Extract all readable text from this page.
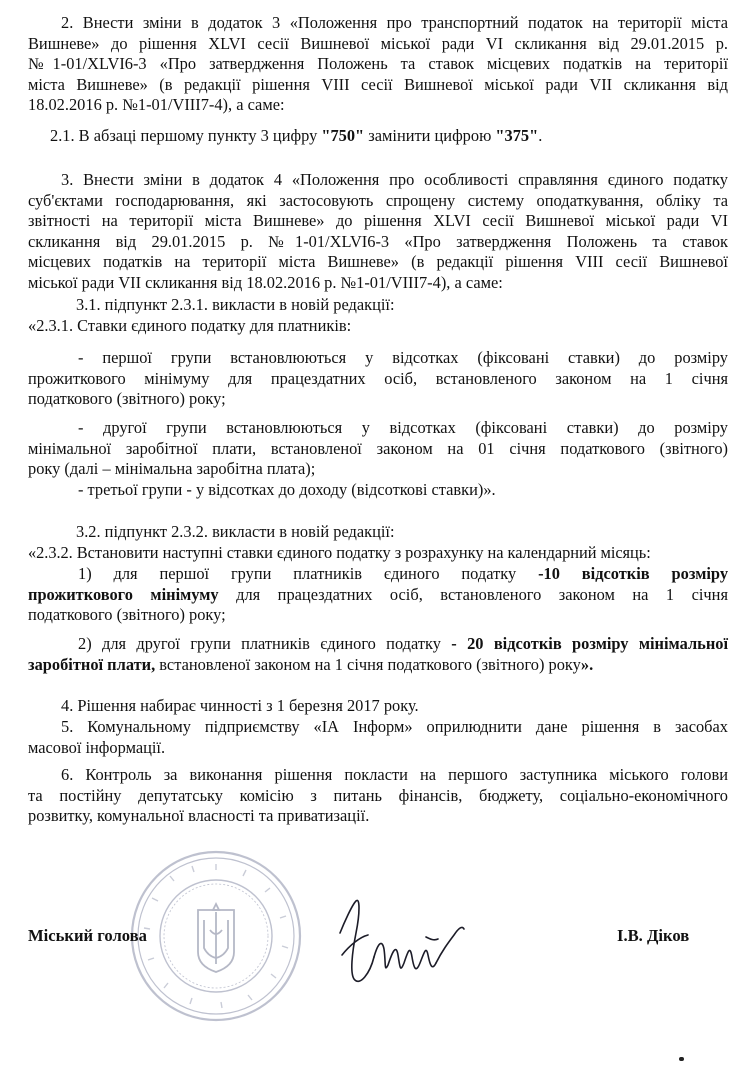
2. Внести зміни в додаток 3 «Положення про транспортний податок на території міста
Вишневе» до рішення XLVI сесії Вишневої міської ради VI скликання від 29.01.2015 р.
№1-01/XLVI6-3 «Про затвердження Положень та ставок місцевих податків на території
міста Вишневе» (в редакції рішення VIII сесії Вишневої міської ради VII скликання від
18.02.2016 р. №1-01/VIII7-4), а саме:
2.1. В абзаці першому пункту 3 цифру "750" замінити цифрою "375".
3. Внести зміни в додаток 4 «Положення про особливості справляння єдиного податку
суб'єктами господарювання, які застосовують спрощену систему оподаткування, обліку та
звітності на території міста Вишневе» до рішення XLVI сесії Вишневої міської ради VI
скликання від 29.01.2015 р. №1-01/XLVI6-3 «Про затвердження Положень та ставок
місцевих податків на території міста Вишневе» (в редакції рішення VIII сесії Вишневої
міської ради VII скликання від 18.02.2016 р. №1-01/VIII7-4), а саме:
3.1. підпункт 2.3.1. викласти в новій редакції:
«2.3.1. Ставки єдиного податку для платників:
- першої групи встановлюються у відсотках (фіксовані ставки) до розміру
прожиткового мінімуму для працездатних осіб, встановленого законом на 1 січня
податкового (звітного) року;
- другої групи встановлюються у відсотках (фіксовані ставки) до розміру
мінімальної заробітної плати, встановленої законом на 01 січня податкового (звітного)
року (далі – мінімальна заробітна плата);
- третьої групи - у відсотках до доходу (відсоткові ставки)».
3.2. підпункт 2.3.2. викласти в новій редакції:
«2.3.2. Встановити наступні ставки єдиного податку з розрахунку на календарний місяць:
1) для першої групи платників єдиного податку -10 відсотків розміру
прожиткового мінімуму для працездатних осіб, встановленого законом на 1 січня
податкового (звітного) року;
2) для другої групи платників єдиного податку - 20 відсотків розміру мінімальної
заробітної плати, встановленої законом на 1 січня податкового (звітного) року».
4. Рішення набирає чинності з 1 березня 2017 року.
5. Комунальному підприємству «ІА Інформ» оприлюднити дане рішення в засобах
масової інформації.
6. Контроль за виконання рішення покласти на першого заступника міського голови
та постійну депутатську комісію з питань фінансів, бюджету, соціально-економічного
розвитку, комунальної власності та приватизації.
Міський голова	І.В. Діков
